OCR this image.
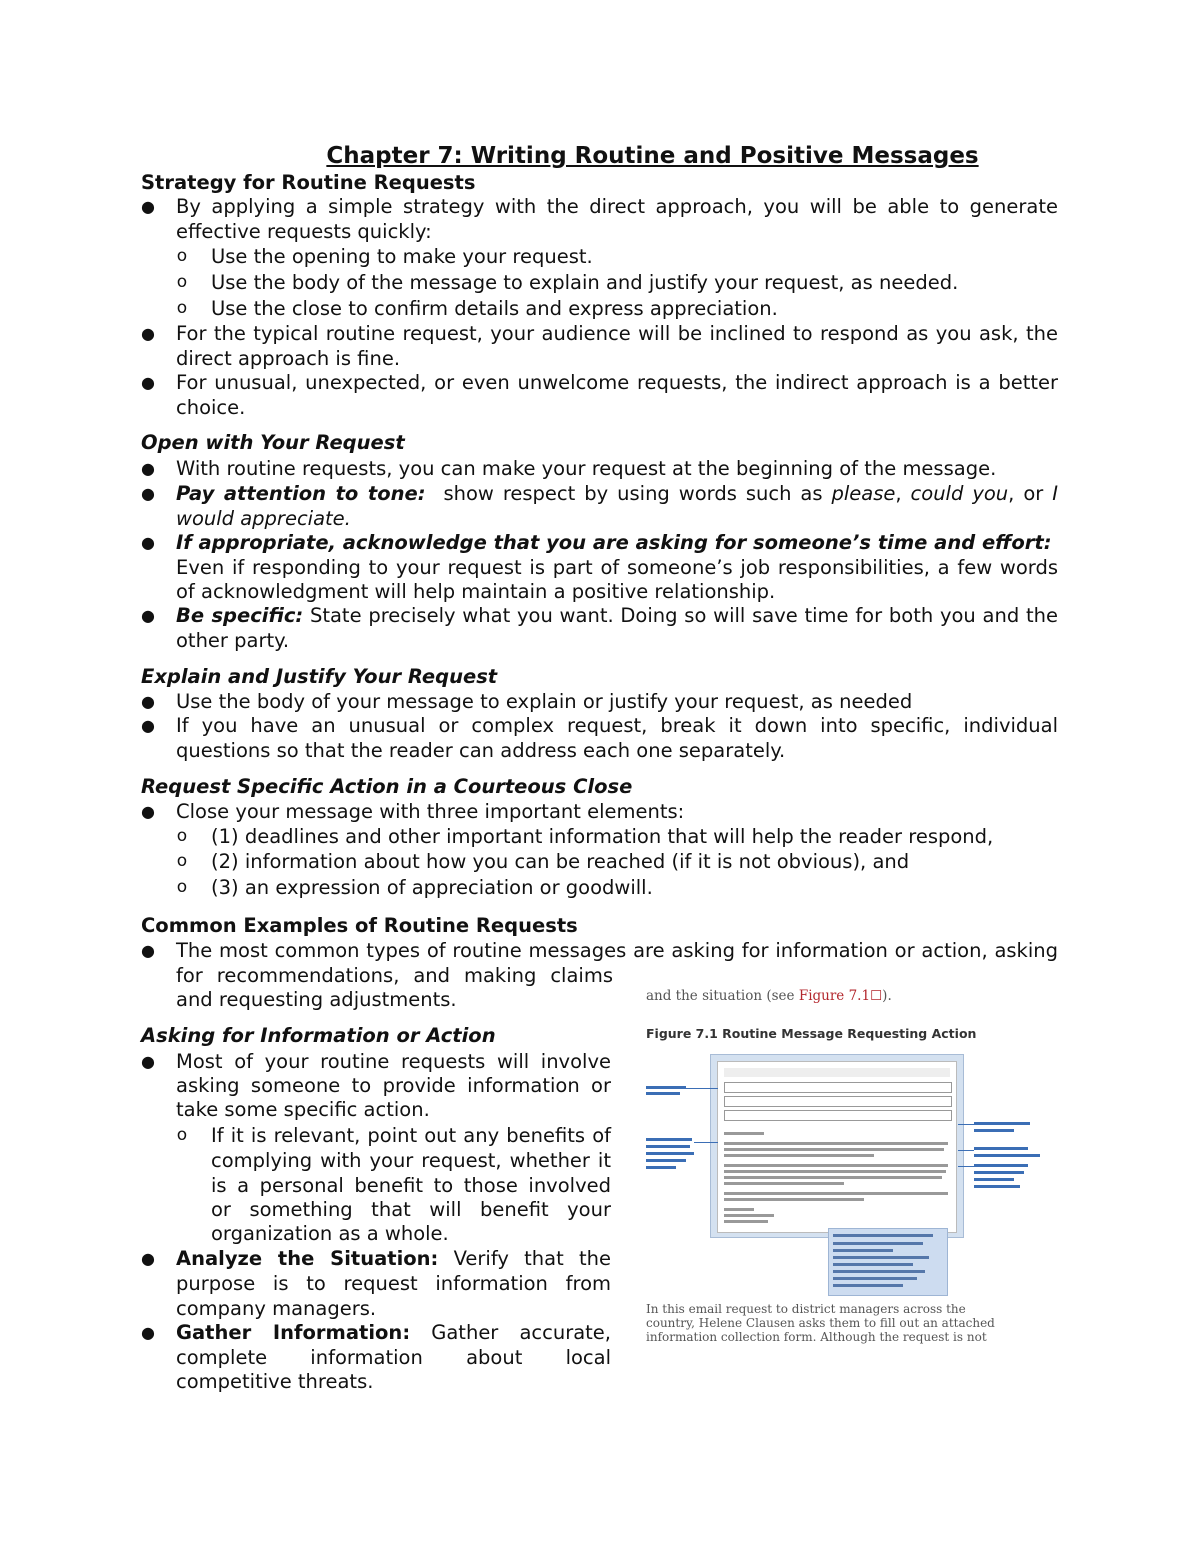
Chapter 7: Writing Routine and Positive Messages
Strategy for Routine Requests
● By applying a simple strategy with the direct approach, you will be able to generate
effective requests quickly:
o Use the opening to make your request.
o Use the body of the message to explain and justify your request, as needed.
o Use the close to confirm details and express appreciation.
● For the typical routine request, your audience will be inclined to respond as you ask, the
direct approach is fine.
● For unusual, unexpected, or even unwelcome requests, the indirect approach is a better
choice.
Open with Your Request
● With routine requests, you can make your request at the beginning of the message.
● Pay attention to tone: show respect by using words such as please, could you, or I
would appreciate.
● If appropriate, acknowledge that you are asking for someone’s time and effort:
Even if responding to your request is part of someone’s job responsibilities, a few words
of acknowledgment will help maintain a positive relationship.
● Be specific: State precisely what you want. Doing so will save time for both you and the
other party.
Explain and Justify Your Request
● Use the body of your message to explain or justify your request, as needed
● If you have an unusual or complex request, break it down into specific, individual
questions so that the reader can address each one separately.
Request Specific Action in a Courteous Close
● Close your message with three important elements:
o (1) deadlines and other important information that will help the reader respond,
o (2) information about how you can be reached (if it is not obvious), and
o (3) an expression of appreciation or goodwill.
Common Examples of Routine Requests
● The most common types of routine messages are asking for information or action, asking
for recommendations, and making claims
and requesting adjustments.
Asking for Information or Action
● Most of your routine requests will involve
asking someone to provide information or
take some specific action.
o If it is relevant, point out any benefits of
complying with your request, whether it
is a personal benefit to those involved
or something that will benefit your
organization as a whole.
● Analyze the Situation: Verify that the
purpose is to request information from
company managers.
● Gather Information: Gather accurate,
complete information about local
competitive threats.
and the situation (see Figure 7.1☐).
Figure 7.1 Routine Message Requesting Action
In this email request to district managers across the
country, Helene Clausen asks them to fill out an attached
information collection form. Although the request is not
